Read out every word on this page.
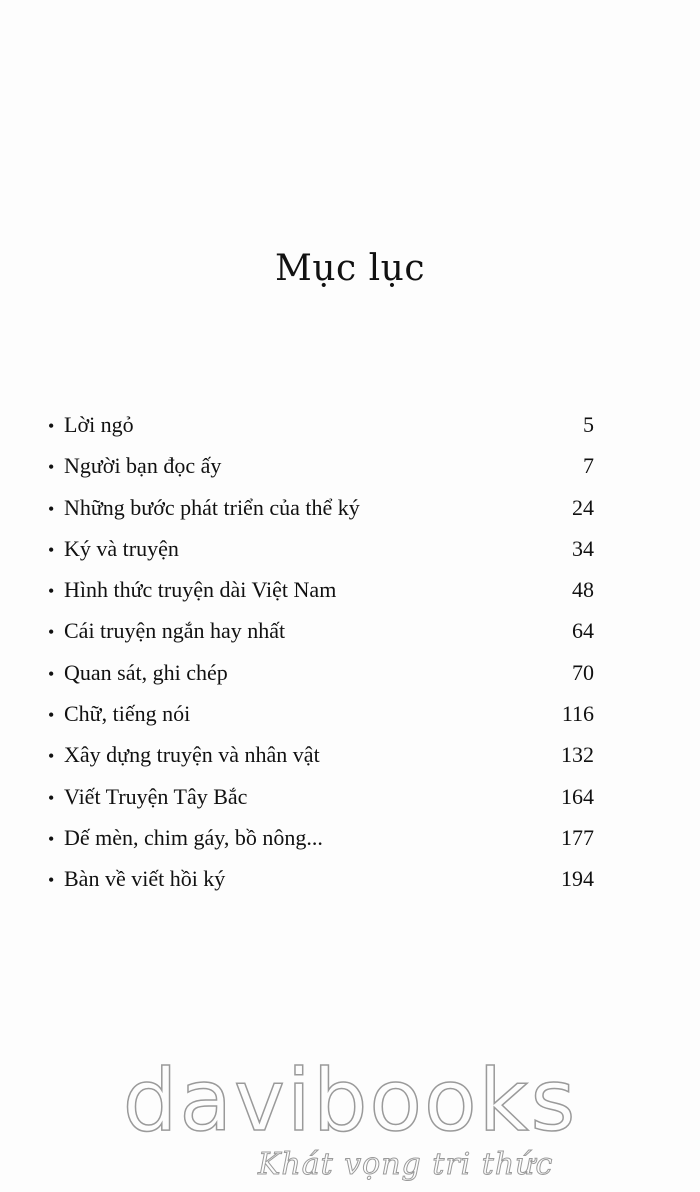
Mục lục
• Lời ngỏ	5
• Người bạn đọc ấy	7
• Những bước phát triển của thể ký	24
• Ký và truyện	34
• Hình thức truyện dài Việt Nam	48
• Cái truyện ngắn hay nhất	64
• Quan sát, ghi chép	70
• Chữ, tiếng nói	116
• Xây dựng truyện và nhân vật	132
• Viết Truyện Tây Bắc	164
• Dế mèn, chim gáy, bồ nông...	177
• Bàn về viết hồi ký	194
davibooks
Khát vọng tri thức
